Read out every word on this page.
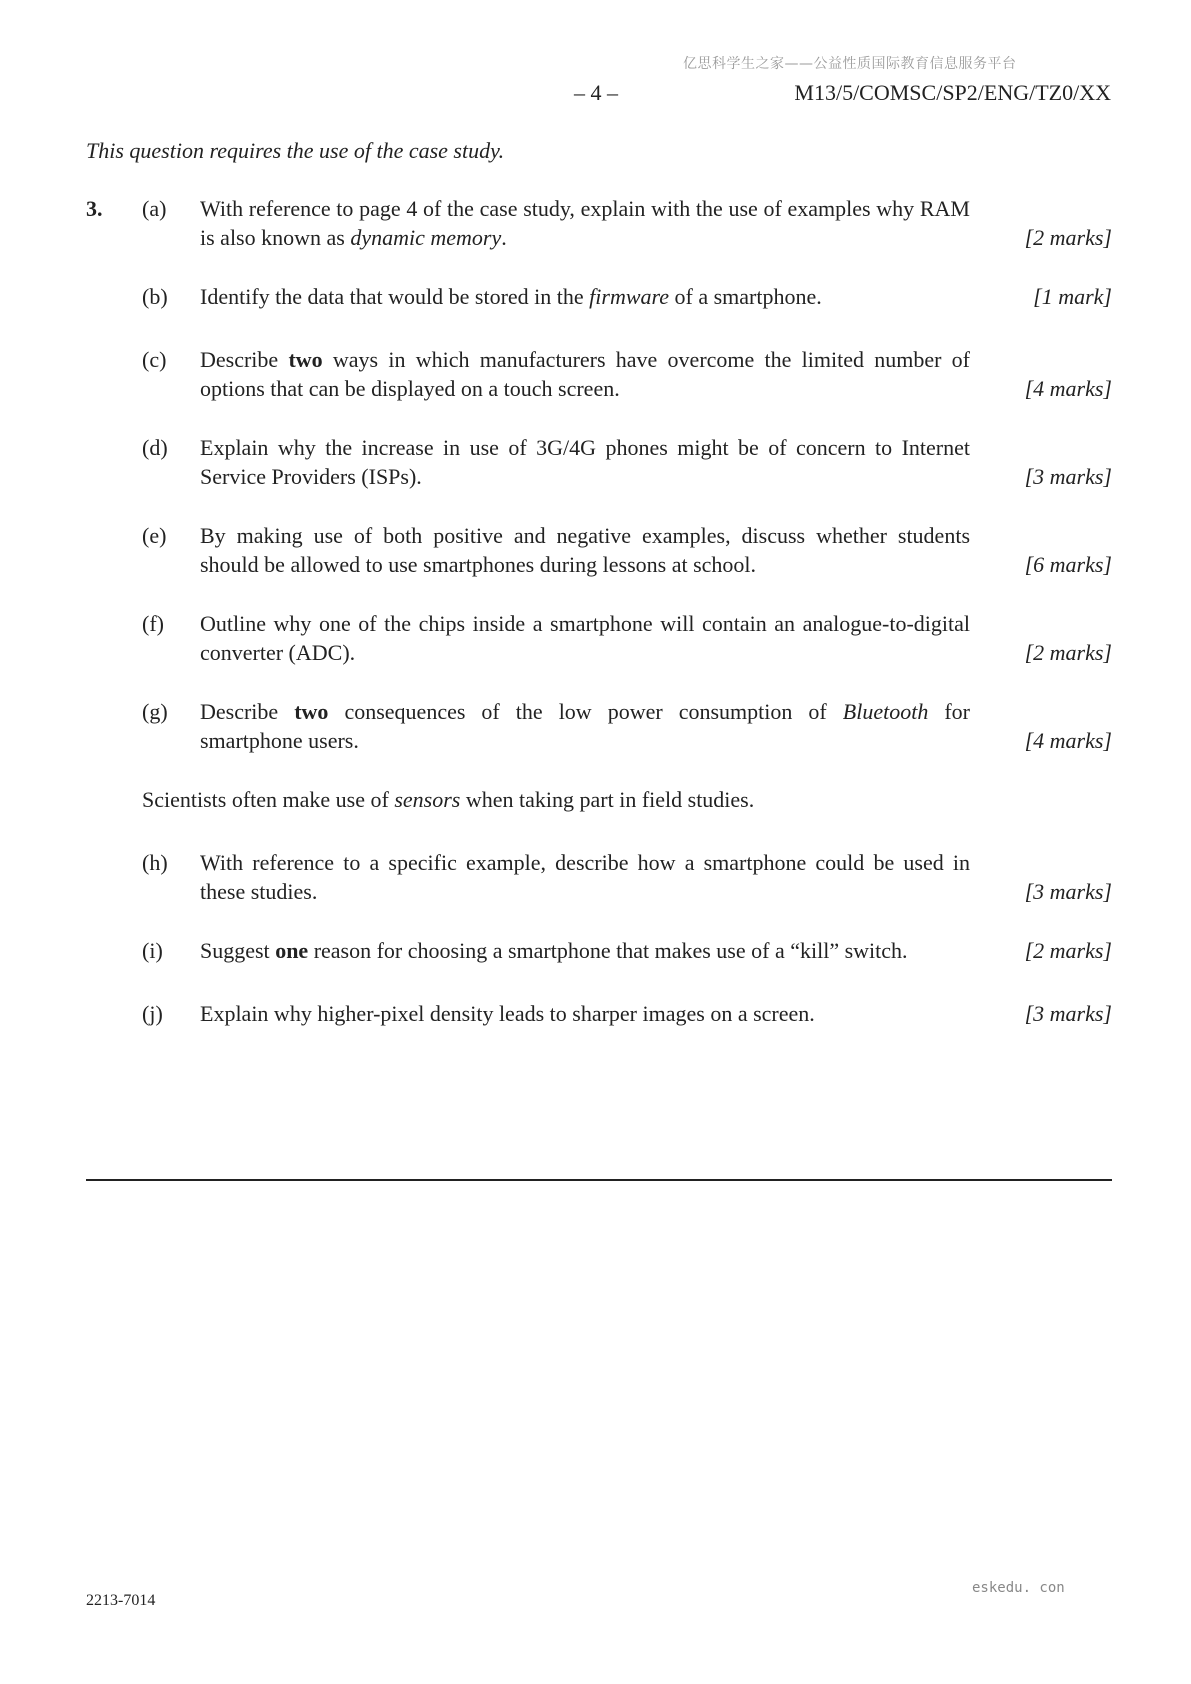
亿思科学生之家——公益性质国际教育信息服务平台
– 4 –	M13/5/COMSC/SP2/ENG/TZ0/XX
This question requires the use of the case study.
3. (a) With reference to page 4 of the case study, explain with the use of examples why RAM is also known as dynamic memory.	[2 marks]
(b) Identify the data that would be stored in the firmware of a smartphone.	[1 mark]
(c) Describe two ways in which manufacturers have overcome the limited number of options that can be displayed on a touch screen.	[4 marks]
(d) Explain why the increase in use of 3G/4G phones might be of concern to Internet Service Providers (ISPs).	[3 marks]
(e) By making use of both positive and negative examples, discuss whether students should be allowed to use smartphones during lessons at school.	[6 marks]
(f) Outline why one of the chips inside a smartphone will contain an analogue-to-digital converter (ADC).	[2 marks]
(g) Describe two consequences of the low power consumption of Bluetooth for smartphone users.	[4 marks]
Scientists often make use of sensors when taking part in field studies.
(h) With reference to a specific example, describe how a smartphone could be used in these studies.	[3 marks]
(i) Suggest one reason for choosing a smartphone that makes use of a “kill” switch.	[2 marks]
(j) Explain why higher-pixel density leads to sharper images on a screen.	[3 marks]
2213-7014
eskedu. con
